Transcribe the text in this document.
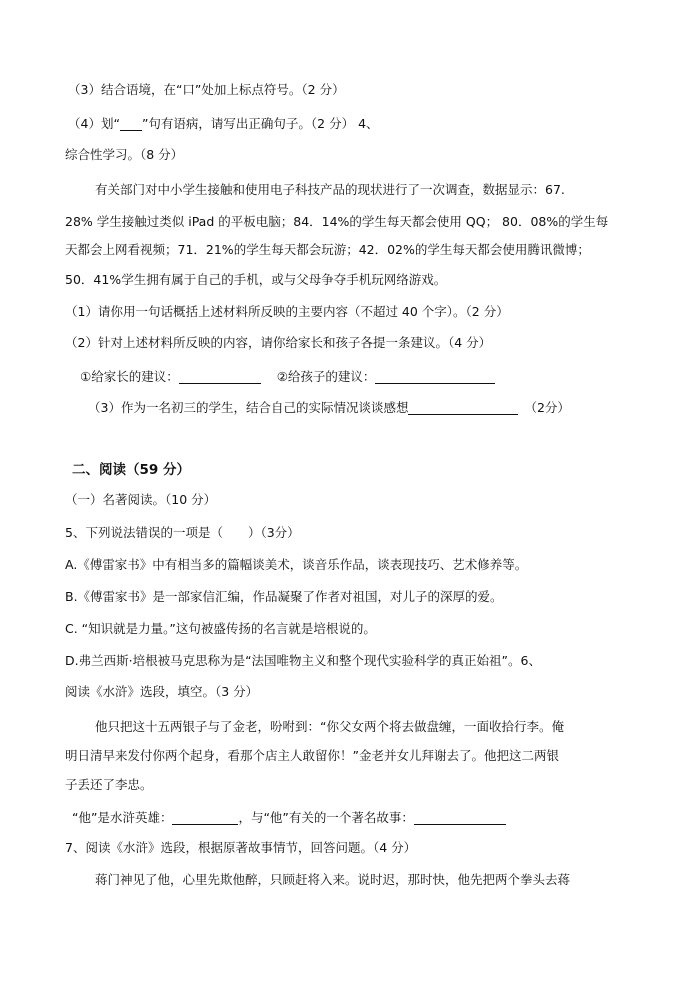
（3）结合语境，在“口”处加上标点符号。（2 分）
（4）划“ ”句有语病，请写出正确句子。（2 分） 4、
综合性学习。（8 分）
有关部门对中小学生接触和使用电子科技产品的现状进行了一次调查，数据显示：67.
28% 学生接触过类似 iPad 的平板电脑；84．14%的学生每天都会使用 QQ； 80．08%的学生每
天都会上网看视频；71．21%的学生每天都会玩游；42．02%的学生每天都会使用腾讯微博；
50．41%学生拥有属于自己的手机，或与父母争夺手机玩网络游戏。
（1）请你用一句话概括上述材料所反映的主要内容（不超过 40 个字）。（2 分）
（2）针对上述材料所反映的内容，请你给家长和孩子各提一条建议。（4 分）
①给家长的建议：	②给孩子的建议：
（3）作为一名初三的学生，结合自己的实际情况谈谈感想	（2分）
二、阅读（59 分）
（一）名著阅读。（10 分）
5、下列说法错误的一项是（　　）（3分）
A.《傅雷家书》中有相当多的篇幅谈美术，谈音乐作品，谈表现技巧、艺术修养等。
B.《傅雷家书》是一部家信汇编，作品凝聚了作者对祖国，对儿子的深厚的爱。
C. “知识就是力量。”这句被盛传扬的名言就是培根说的。
D.弗兰西斯·培根被马克思称为是“法国唯物主义和整个现代实验科学的真正始祖”。6、
阅读《水浒》选段，填空。（3 分）
他只把这十五两银子与了金老，吩咐到：“你父女两个将去做盘缠，一面收拾行李。俺
明日清早来发付你两个起身，看那个店主人敢留你！”金老并女儿拜谢去了。他把这二两银
子丢还了李忠。
“他”是水浒英雄：	，与“他”有关的一个著名故事：
7、阅读《水浒》选段，根据原著故事情节，回答问题。（4 分）
蒋门神见了他，心里先欺他醉，只顾赶将入来。说时迟，那时快，他先把两个拳头去蒋
